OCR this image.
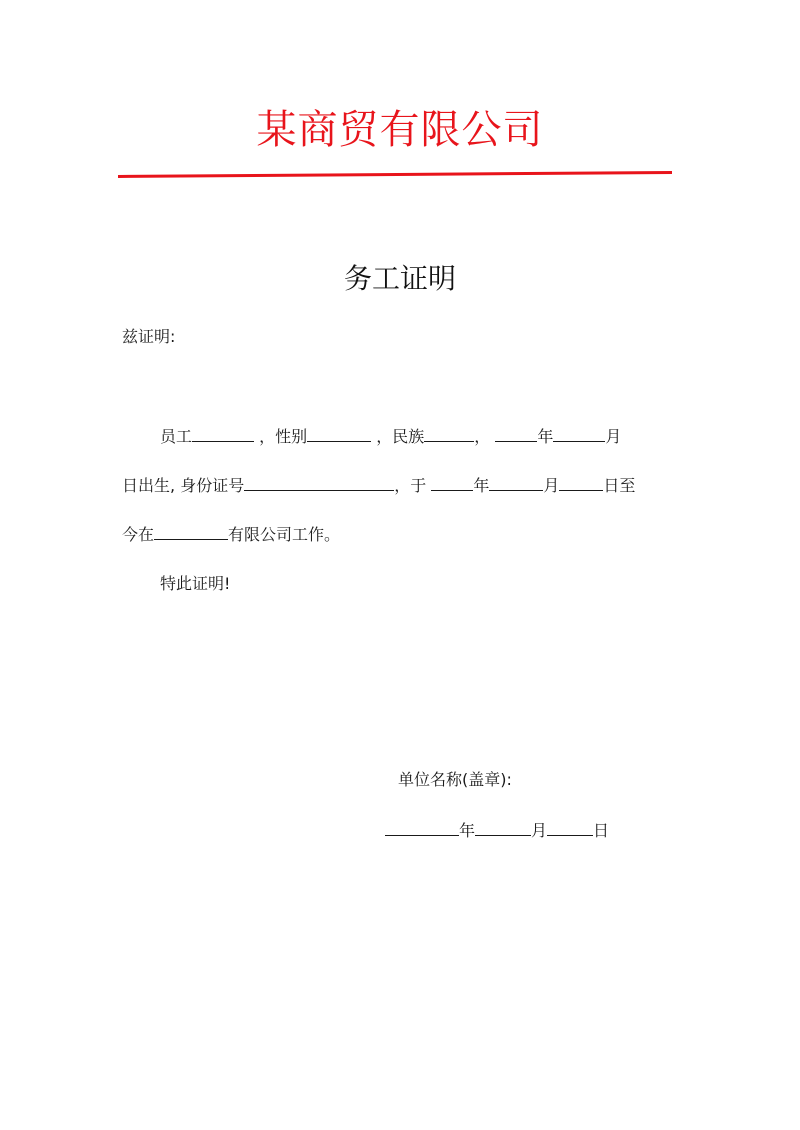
某商贸有限公司
务工证明
兹证明:
员工	，性别	，民族	，	年	月
日出生, 身份证号	，于	年	月	日至
今在	有限公司工作。
特此证明!
单位名称(盖章):
年	月	日
